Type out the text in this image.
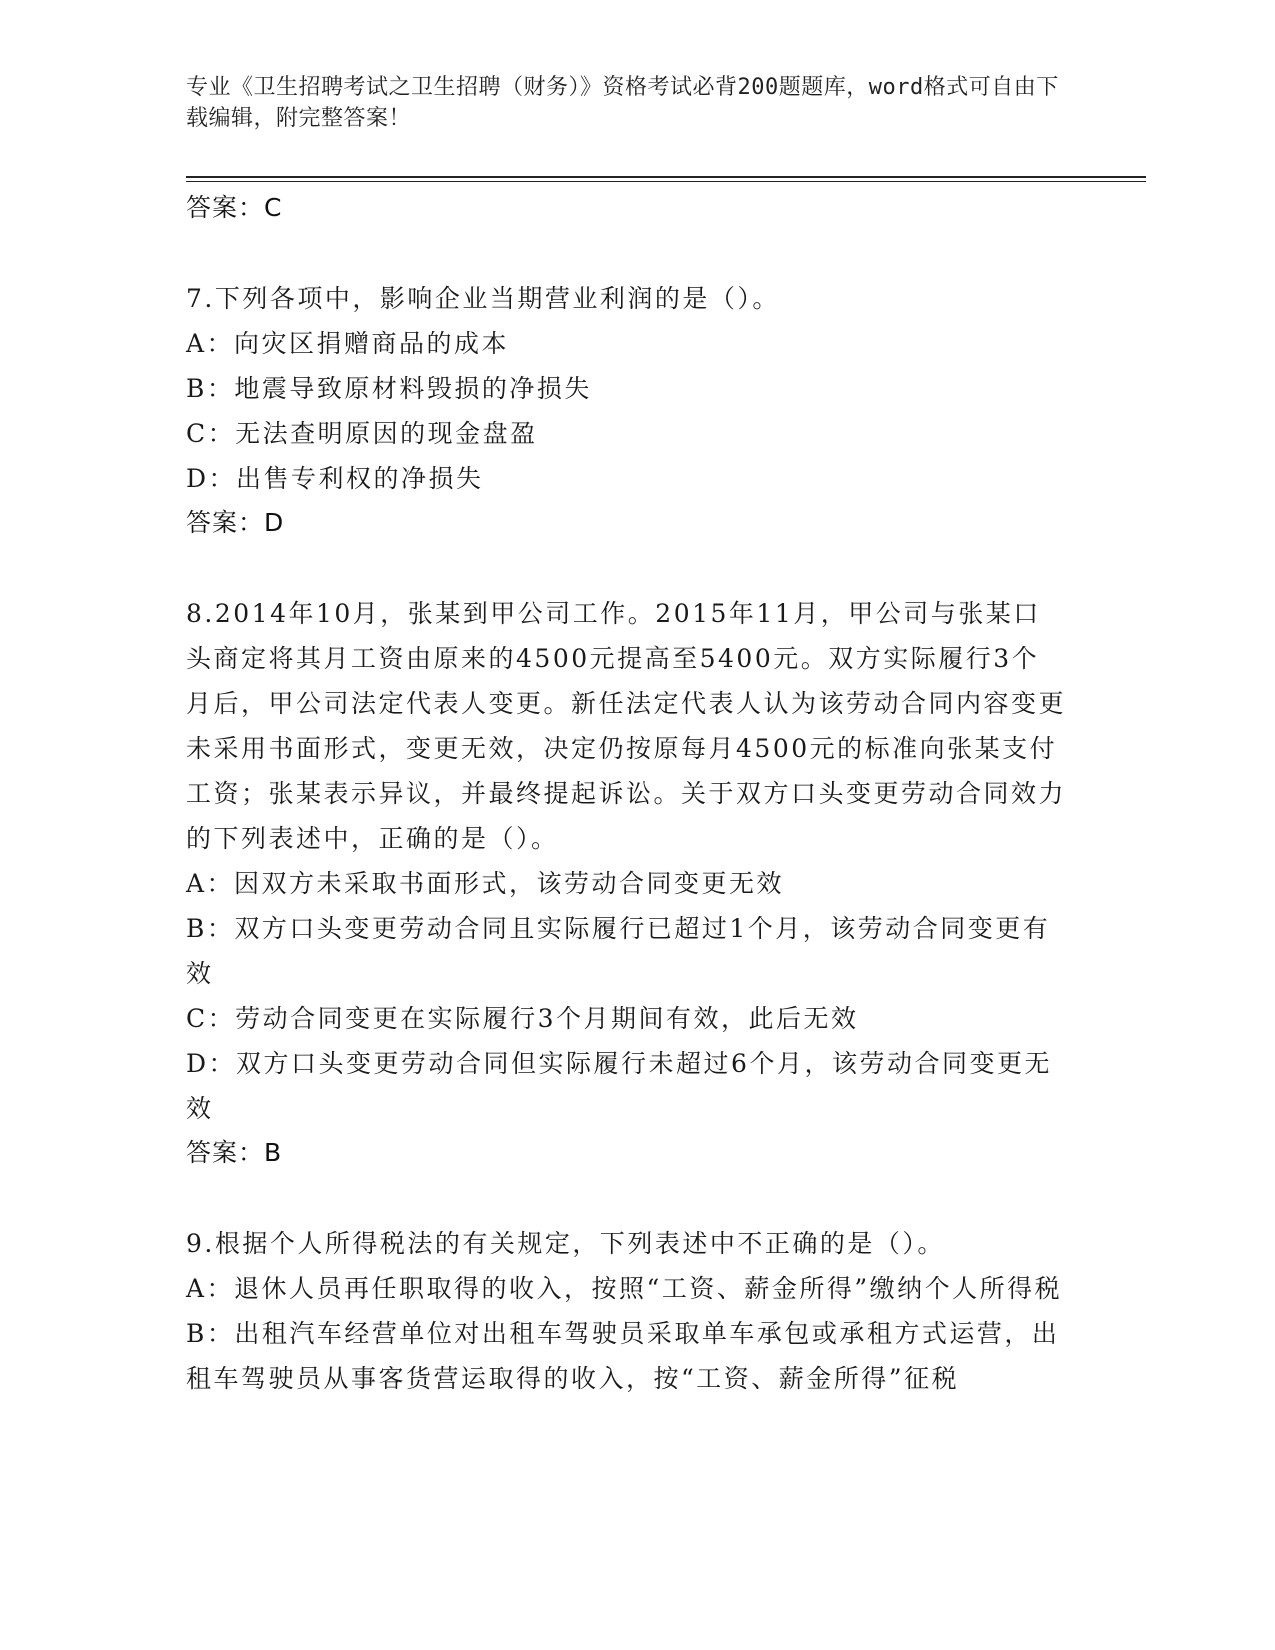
专业《卫生招聘考试之卫生招聘（财务）》资格考试必背200题题库，word格式可自由下载编辑，附完整答案！

答案：C

7.下列各项中，影响企业当期营业利润的是（）。

A：向灾区捐赠商品的成本

B：地震导致原材料毁损的净损失

C：无法查明原因的现金盘盈

D：出售专利权的净损失

答案：D

8.2014年10月，张某到甲公司工作。2015年11月，甲公司与张某口头商定将其月工资由原来的4500元提高至5400元。双方实际履行3个月后，甲公司法定代表人变更。新任法定代表人认为该劳动合同内容变更未采用书面形式，变更无效，决定仍按原每月4500元的标准向张某支付工资；张某表示异议，并最终提起诉讼。关于双方口头变更劳动合同效力的下列表述中，正确的是（）。

A：因双方未采取书面形式，该劳动合同变更无效

B：双方口头变更劳动合同且实际履行已超过1个月，该劳动合同变更有效

C：劳动合同变更在实际履行3个月期间有效，此后无效

D：双方口头变更劳动合同但实际履行未超过6个月，该劳动合同变更无效

答案：B

9.根据个人所得税法的有关规定，下列表述中不正确的是（）。

A：退休人员再任职取得的收入，按照“工资、薪金所得”缴纳个人所得税

B：出租汽车经营单位对出租车驾驶员采取单车承包或承租方式运营，出租车驾驶员从事客货营运取得的收入，按“工资、薪金所得”征税
